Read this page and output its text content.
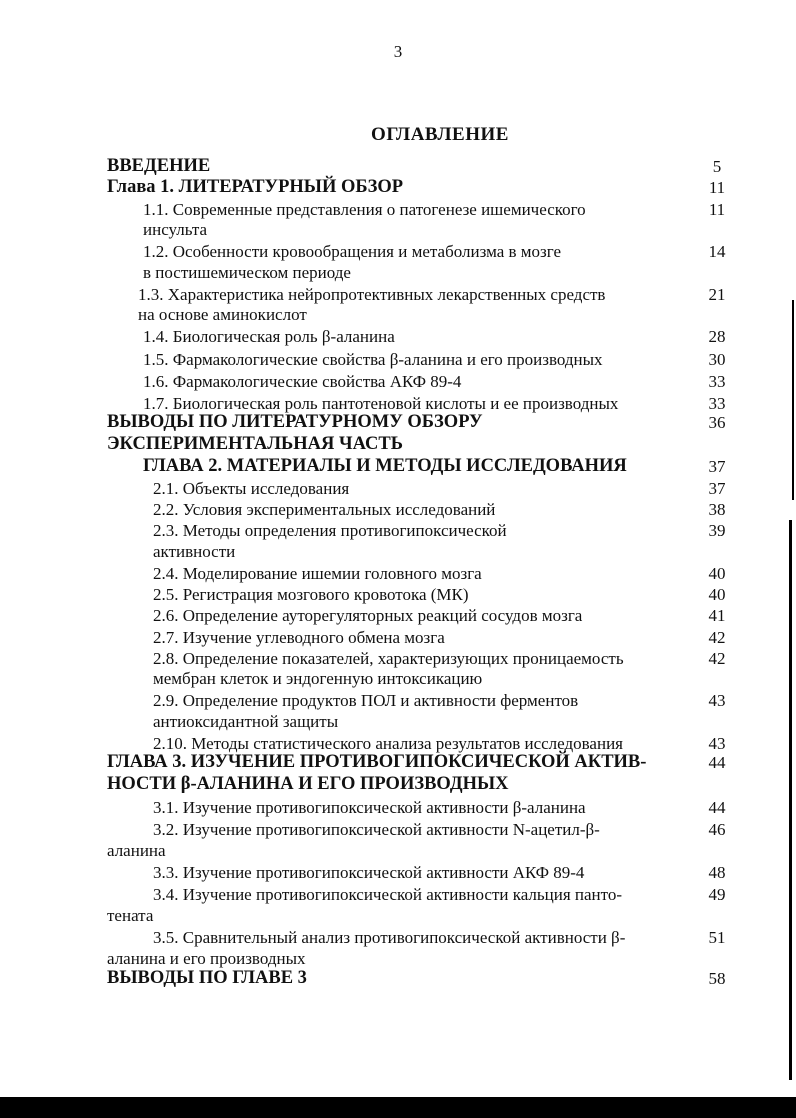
3
ОГЛАВЛЕНИЕ
ВВЕДЕНИЕ	5
Глава 1. ЛИТЕРАТУРНЫЙ ОБЗОР	11
1.1. Современные представления о патогенезе ишемического	11
инсульта
1.2. Особенности кровообращения и метаболизма в мозге	14
в постишемическом периоде
1.3. Характеристика нейропротективных лекарственных средств	21
на основе аминокислот
1.4. Биологическая роль β-аланина	28
1.5. Фармакологические свойства β-аланина и его производных	30
1.6. Фармакологические свойства АКФ 89-4	33
1.7. Биологическая роль пантотеновой кислоты и ее производных	33
ВЫВОДЫ ПО ЛИТЕРАТУРНОМУ ОБЗОРУ	36
ЭКСПЕРИМЕНТАЛЬНАЯ ЧАСТЬ
ГЛАВА 2. МАТЕРИАЛЫ И МЕТОДЫ ИССЛЕДОВАНИЯ	37
2.1. Объекты исследования	37
2.2. Условия экспериментальных исследований	38
2.3. Методы определения противогипоксической	39
активности
2.4. Моделирование ишемии головного мозга	40
2.5. Регистрация мозгового кровотока (МК)	40
2.6. Определение ауторегуляторных реакций сосудов мозга	41
2.7. Изучение углеводного обмена мозга	42
2.8. Определение показателей, характеризующих проницаемость	42
мембран клеток и эндогенную интоксикацию
2.9. Определение продуктов ПОЛ и активности ферментов	43
антиоксидантной защиты
2.10. Методы статистического анализа результатов исследования	43
ГЛАВА 3. ИЗУЧЕНИЕ ПРОТИВОГИПОКСИЧЕСКОЙ АКТИВ-	44
НОСТИ β-АЛАНИНА И ЕГО ПРОИЗВОДНЫХ
3.1. Изучение противогипоксической активности β-аланина	44
3.2. Изучение противогипоксической активности N-ацетил-β-	46
аланина
3.3. Изучение противогипоксической активности АКФ 89-4	48
3.4. Изучение противогипоксической активности кальция панто-	49
тената
3.5. Сравнительный анализ противогипоксической активности β-	51
аланина и его производных
ВЫВОДЫ ПО ГЛАВЕ 3	58
